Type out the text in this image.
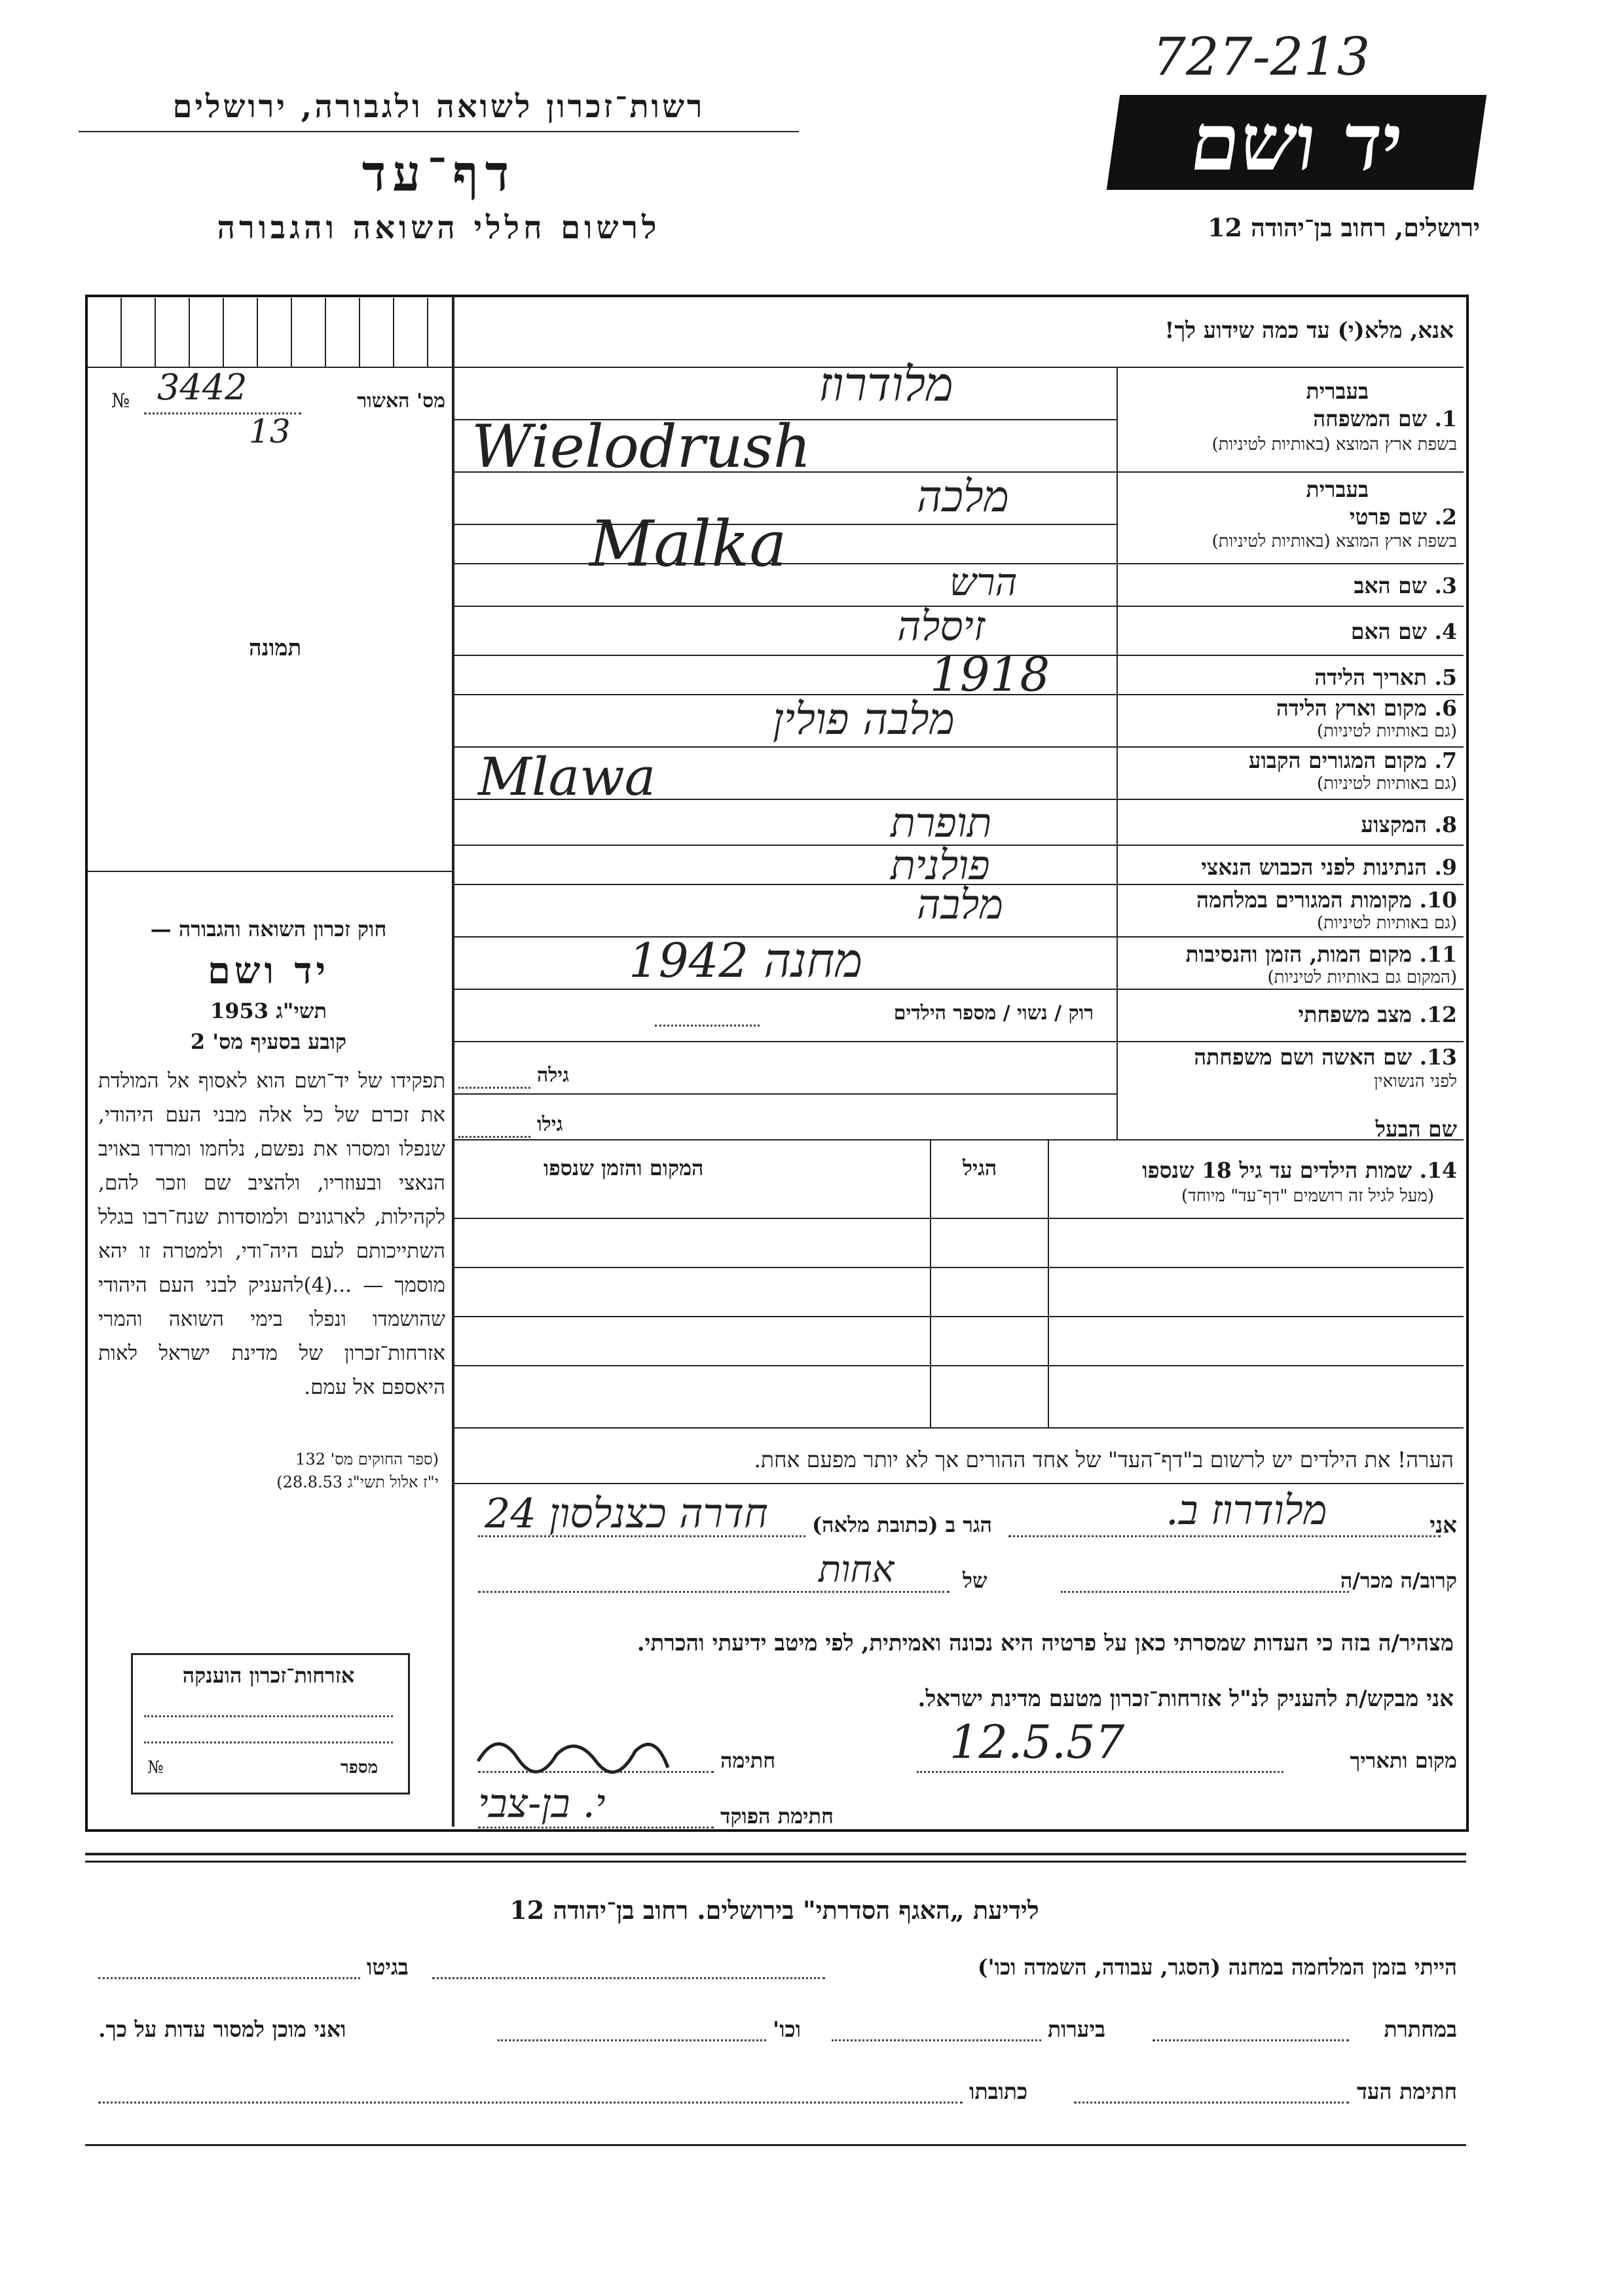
727-213
רשות־זכרון לשואה ולגבורה, ירושלים
דף־עד
לרשום חללי השואה והגבורה
יד ושם
ירושלים, רחוב בן־יהודה 12
אנא, מלא(י) עד כמה שידוע לך!
מס' האשור
№ 3442
13
תמונה
1. שם המשפחה
בעברית
בשפת ארץ המוצא (באותיות לטיניות)
מלודרוז
Wielodrush
2. שם פרטי
בעברית
בשפת ארץ המוצא (באותיות לטיניות)
מלכה
Malka
3. שם האב
הרש
4. שם האם
זיסלה
5. תאריך הלידה
1918
6. מקום וארץ הלידה
(גם באותיות לטיניות)
מלבה פולין
7. מקום המגורים הקבוע
(גם באותיות לטיניות)
Mlawa
8. המקצוע
תופרת
9. הנתינות לפני הכבוש הנאצי
פולנית
10. מקומות המגורים במלחמה
(גם באותיות לטיניות)
מלבה
11. מקום המות, הזמן והנסיבות
(המקום גם באותיות לטיניות)
מחנה 1942
12. מצב משפחתי
רוק / נשוי / מספר הילדים
13. שם האשה ושם משפחתה
לפני הנשואין
גילה
שם הבעל
גילו
14. שמות הילדים עד גיל 18 שנספו
(מעל לגיל זה רושמים "דף־עד" מיוחד)
הגיל
המקום והזמן שנספו
חוק זכרון השואה והגבורה —
יד ושם
תשי"ג 1953
קובע בסעיף מס' 2
תפקידו של יד־ושם הוא לאסוף אל המולדת את זכרם של כל אלה מבני העם היהודי, שנפלו ומסרו את נפשם, נלחמו ומרדו באויב הנאצי ובעוזריו, ולהציב שם וזכר להם, לקהילות, לארגונים ולמוסדות שנח־רבו בגלל השתייכותם לעם היה־ודי, ולמטרה זו יהא מוסמך — ...(4)להעניק לבני העם היהודי שהושמדו ונפלו בימי השואה והמרי אזרחות־זכרון של מדינת ישראל לאות היאספם אל עמם.
(ספר החוקים מס' 132
י"ז אלול תשי"ג 28.8.53)
הערה! את הילדים יש לרשום ב"דף־העד" של אחד ההורים אך לא יותר מפעם אחת.
אני
מלודרוז ב.
הגר ב (כתובת מלאה)
חדרה כצנלסון 24
קרוב/ה מכר/ה
של
אחות
מצהיר/ה בזה כי העדות שמסרתי כאן על פרטיה היא נכונה ואמיתית, לפי מיטב ידיעתי והכרתי.
אני מבקש/ת להעניק לנ"ל אזרחות־זכרון מטעם מדינת ישראל.
מקום ותאריך
12.5.57
חתימה
חתימת הפוקד
י. בן-צבי
אזרחות־זכרון הוענקה
מספר
№
לידיעת „האגף הסדרתי" בירושלים. רחוב בן־יהודה 12
הייתי בזמן המלחמה במחנה (הסגר, עבודה, השמדה וכו')
בגיטו
במחתרת
ביערות
וכו'
ואני מוכן למסור עדות על כך.
חתימת העד
כתובתו
